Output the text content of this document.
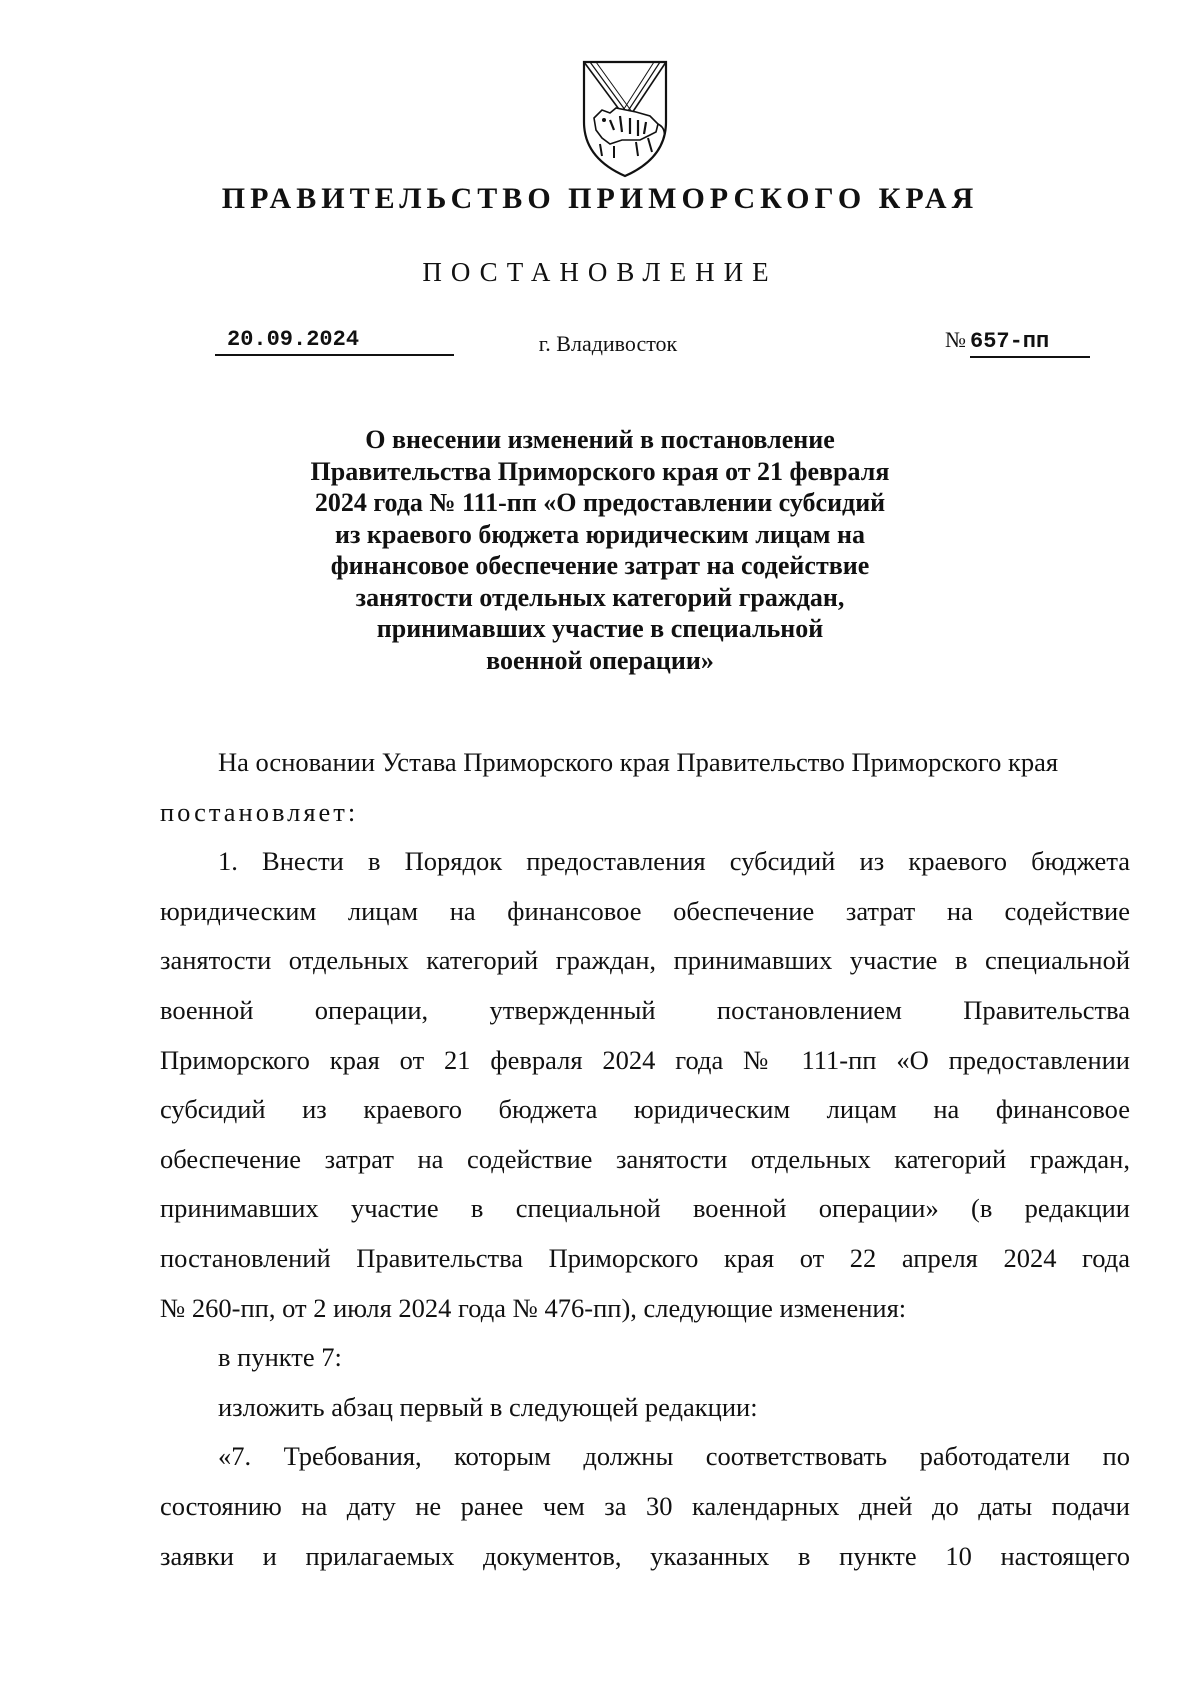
ПРАВИТЕЛЬСТВО ПРИМОРСКОГО КРАЯ
ПОСТАНОВЛЕНИЕ
20.09.2024	г. Владивосток	№ 657-пп
О внесении изменений в постановление
Правительства Приморского края от 21 февраля
2024 года № 111-пп «О предоставлении субсидий
из краевого бюджета юридическим лицам на
финансовое обеспечение затрат на содействие
занятости отдельных категорий граждан,
принимавших участие в специальной
военной операции»
На основании Устава Приморского края Правительство Приморского края
постановляет:
1. Внести в Порядок предоставления субсидий из краевого бюджета
юридическим лицам на финансовое обеспечение затрат на содействие
занятости отдельных категорий граждан, принимавших участие в специальной
военной операции, утвержденный постановлением Правительства
Приморского края от 21 февраля 2024 года № 111-пп «О предоставлении
субсидий из краевого бюджета юридическим лицам на финансовое
обеспечение затрат на содействие занятости отдельных категорий граждан,
принимавших участие в специальной военной операции» (в редакции
постановлений Правительства Приморского края от 22 апреля 2024 года
№ 260-пп, от 2 июля 2024 года № 476-пп), следующие изменения:
в пункте 7:
изложить абзац первый в следующей редакции:
«7. Требования, которым должны соответствовать работодатели по
состоянию на дату не ранее чем за 30 календарных дней до даты подачи
заявки и прилагаемых документов, указанных в пункте 10 настоящего
